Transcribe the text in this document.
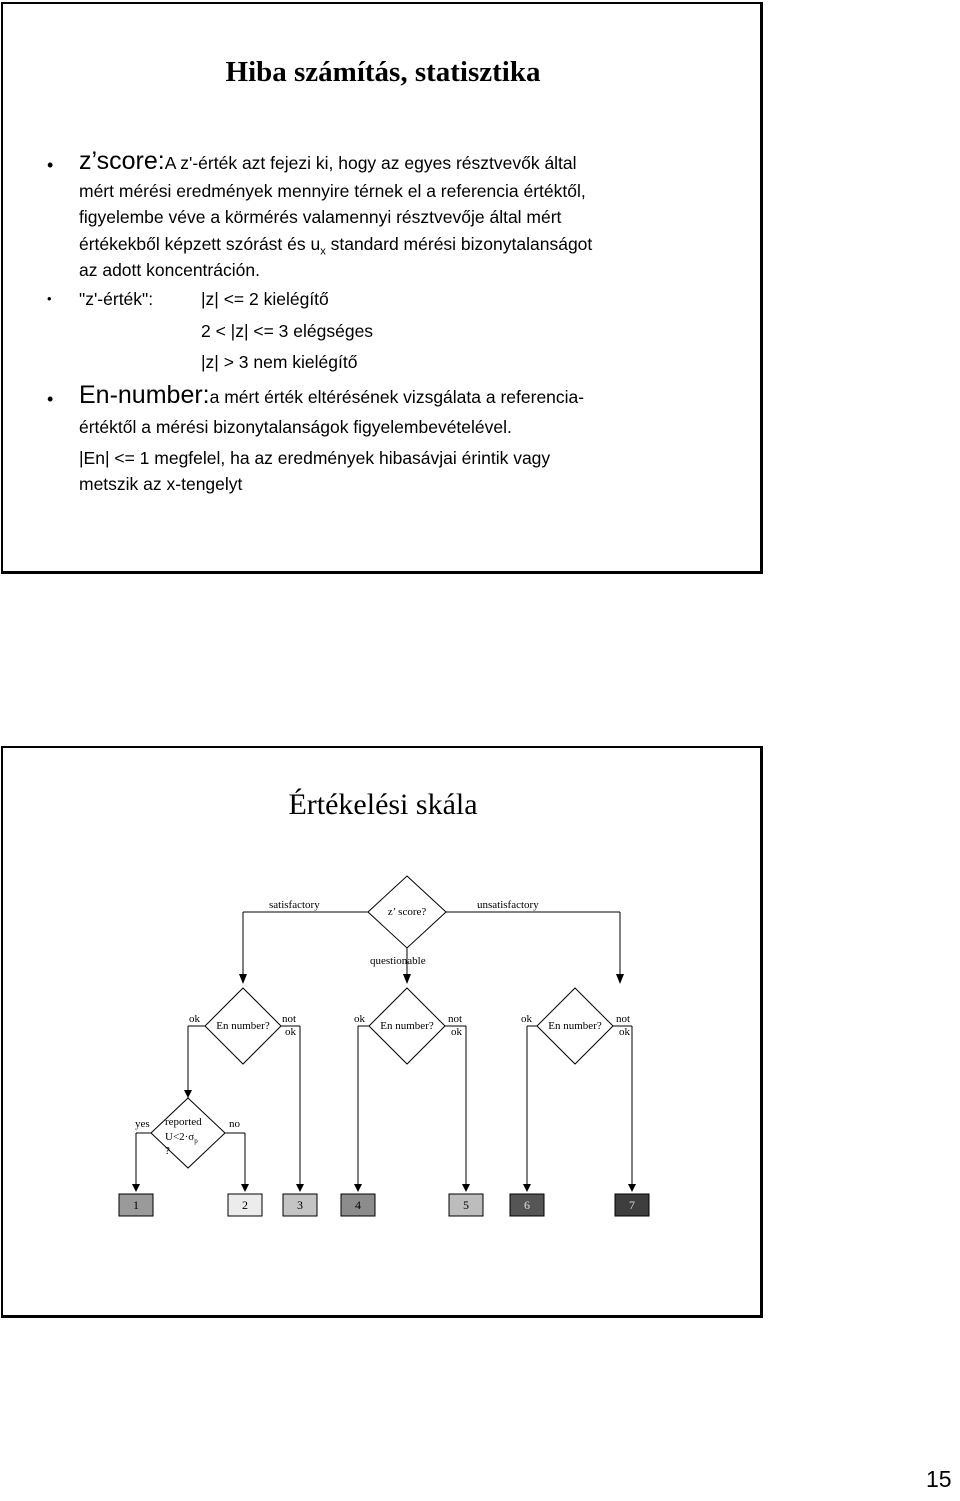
Hiba számítás, statisztika
• z’score:A z'-érték azt fejezi ki, hogy az egyes résztvevők által
mért mérési eredmények mennyire térnek el a referencia értéktől,
figyelembe véve a körmérés valamennyi résztvevője által mért
értékekből képzett szórást és $u_x$ standard mérési bizonytalanságot
az adott koncentráción.
• "z'-érték":	|z| <= 2 kielégítő
2 < |z| <= 3 elégséges
|z| > 3 nem kielégítő
• En-number:a mért érték eltérésének vizsgálata a referencia-
értéktől a mérési bizonytalanságok figyelembevételével.
|En| <= 1 megfelel, ha az eredmények hibasávjai érintik vagy
metszik az x-tengelyt
Értékelési skála
z’ score?
satisfactory	unsatisfactory
questionable
En number?
ok	not
ok	En number?
ok	not
ok	En number?
ok	not
ok
reported
$U<2\cdot\sigma_p$
?
yes	no
1	2	3	4	5	6	7
15
